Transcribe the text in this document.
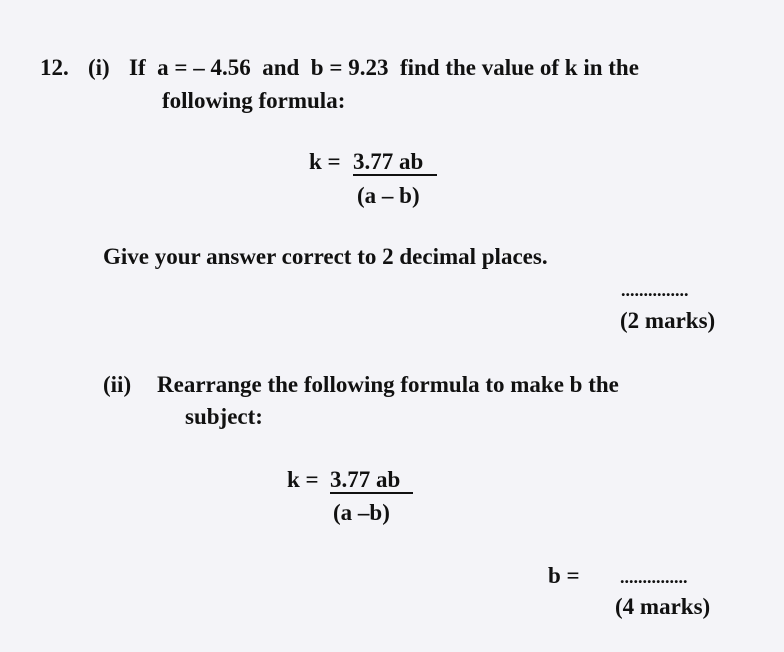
12. (i) If  a = – 4.56  and  b = 9.23  find the value of k in the
following formula:
k = 3.77 ab
(a – b)
Give your answer correct to 2 decimal places.
...............
(2 marks)
(ii) Rearrange the following formula to make b the
subject:
k = 3.77 ab
(a –b)
b = ...............
(4 marks)
